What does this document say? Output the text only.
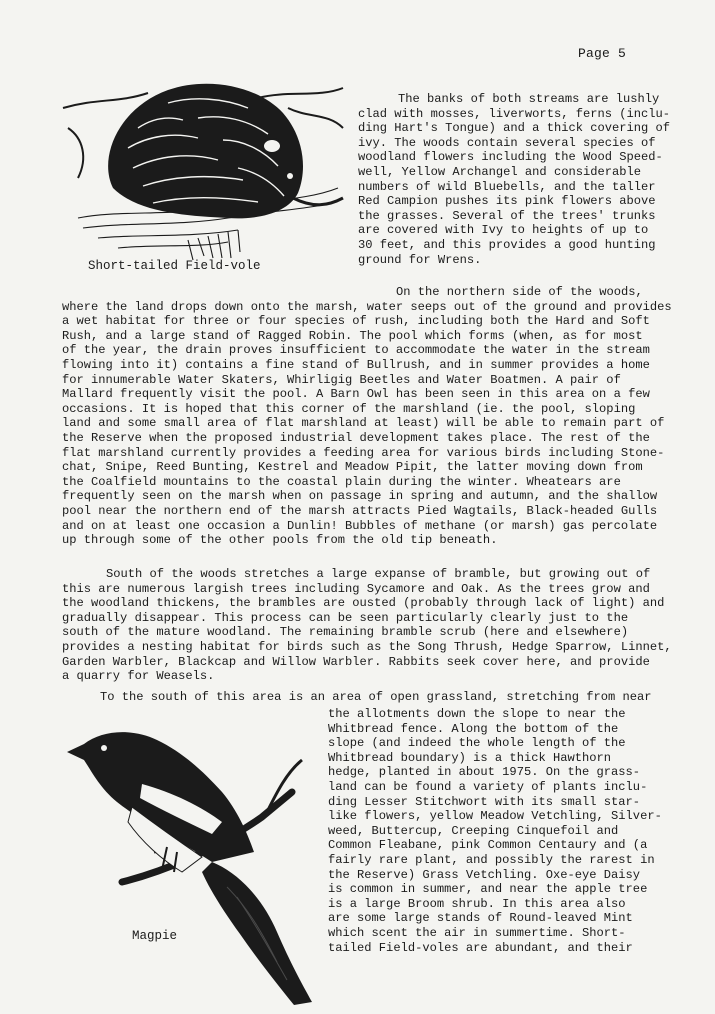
Page 5
Short-tailed Field-vole
The banks of both streams are lushly
clad with mosses, liverworts, ferns (inclu-
ding Hart's Tongue) and a thick covering of
ivy. The woods contain several species of
woodland flowers including the Wood Speed-
well, Yellow Archangel and considerable
numbers of wild Bluebells, and the taller
Red Campion pushes its pink flowers above
the grasses. Several of the trees' trunks
are covered with Ivy to heights of up to
30 feet, and this provides a good hunting
ground for Wrens.
On the northern side of the woods,
where the land drops down onto the marsh, water seeps out of the ground and provides
a wet habitat for three or four species of rush, including both the Hard and Soft
Rush, and a large stand of Ragged Robin. The pool which forms (when, as for most
of the year, the drain proves insufficient to accommodate the water in the stream
flowing into it) contains a fine stand of Bullrush, and in summer provides a home
for innumerable Water Skaters, Whirligig Beetles and Water Boatmen. A pair of
Mallard frequently visit the pool. A Barn Owl has been seen in this area on a few
occasions. It is hoped that this corner of the marshland (ie. the pool, sloping
land and some small area of flat marshland at least) will be able to remain part of
the Reserve when the proposed industrial development takes place. The rest of the
flat marshland currently provides a feeding area for various birds including Stone-
chat, Snipe, Reed Bunting, Kestrel and Meadow Pipit, the latter moving down from
the Coalfield mountains to the coastal plain during the winter. Wheatears are
frequently seen on the marsh when on passage in spring and autumn, and the shallow
pool near the northern end of the marsh attracts Pied Wagtails, Black-headed Gulls
and on at least one occasion a Dunlin! Bubbles of methane (or marsh) gas percolate
up through some of the other pools from the old tip beneath.
South of the woods stretches a large expanse of bramble, but growing out of
this are numerous largish trees including Sycamore and Oak. As the trees grow and
the woodland thickens, the brambles are ousted (probably through lack of light) and
gradually disappear. This process can be seen particularly clearly just to the
south of the mature woodland. The remaining bramble scrub (here and elsewhere)
provides a nesting habitat for birds such as the Song Thrush, Hedge Sparrow, Linnet,
Garden Warbler, Blackcap and Willow Warbler. Rabbits seek cover here, and provide
a quarry for Weasels.
To the south of this area is an area of open grassland, stretching from near
Magpie
the allotments down the slope to near the
Whitbread fence. Along the bottom of the
slope (and indeed the whole length of the
Whitbread boundary) is a thick Hawthorn
hedge, planted in about 1975. On the grass-
land can be found a variety of plants inclu-
ding Lesser Stitchwort with its small star-
like flowers, yellow Meadow Vetchling, Silver-
weed, Buttercup, Creeping Cinquefoil and
Common Fleabane, pink Common Centaury and (a
fairly rare plant, and possibly the rarest in
the Reserve) Grass Vetchling. Oxe-eye Daisy
is common in summer, and near the apple tree
is a large Broom shrub. In this area also
are some large stands of Round-leaved Mint
which scent the air in summertime. Short-
tailed Field-voles are abundant, and their
